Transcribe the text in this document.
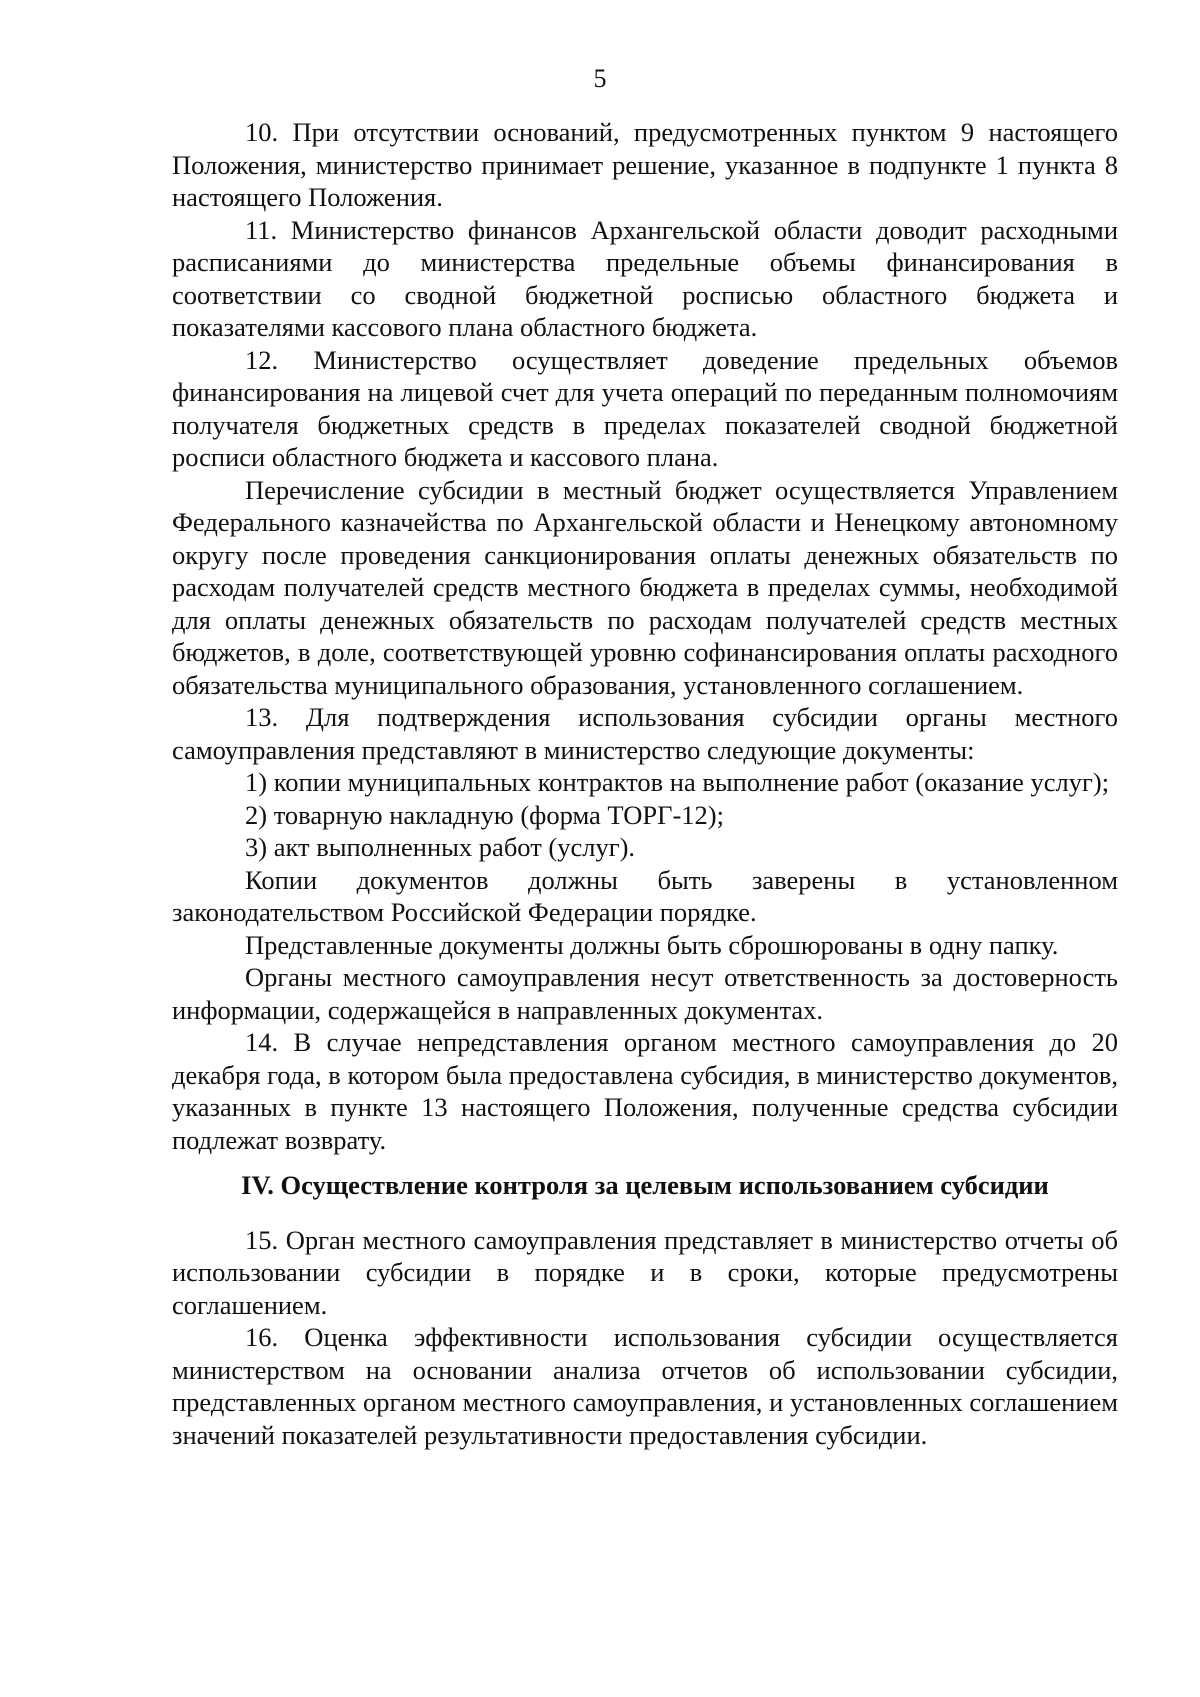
5

10. При отсутствии оснований, предусмотренных пунктом 9 настоящего Положения, министерство принимает решение, указанное в подпункте 1 пункта 8 настоящего Положения.

11. Министерство финансов Архангельской области доводит расходными расписаниями до министерства предельные объемы финансирования в соответствии со сводной бюджетной росписью областного бюджета и показателями кассового плана областного бюджета.

12. Министерство осуществляет доведение предельных объемов финансирования на лицевой счет для учета операций по переданным полномочиям получателя бюджетных средств в пределах показателей сводной бюджетной росписи областного бюджета и кассового плана.

Перечисление субсидии в местный бюджет осуществляется Управлением Федерального казначейства по Архангельской области и Ненецкому автономному округу после проведения санкционирования оплаты денежных обязательств по расходам получателей средств местного бюджета в пределах суммы, необходимой для оплаты денежных обязательств по расходам получателей средств местных бюджетов, в доле, соответствующей уровню софинансирования оплаты расходного обязательства муниципального образования, установленного соглашением.

13. Для подтверждения использования субсидии органы местного самоуправления представляют в министерство следующие документы:

1) копии муниципальных контрактов на выполнение работ (оказание услуг);

2) товарную накладную (форма ТОРГ-12);

3) акт выполненных работ (услуг).

Копии документов должны быть заверены в установленном законодательством Российской Федерации порядке.

Представленные документы должны быть сброшюрованы в одну папку.

Органы местного самоуправления несут ответственность за достоверность информации, содержащейся в направленных документах.

14. В случае непредставления органом местного самоуправления до 20 декабря года, в котором была предоставлена субсидия, в министерство документов, указанных в пункте 13 настоящего Положения, полученные средства субсидии подлежат возврату.

IV. Осуществление контроля за целевым использованием субсидии

15. Орган местного самоуправления представляет в министерство отчеты об использовании субсидии в порядке и в сроки, которые предусмотрены соглашением.

16. Оценка эффективности использования субсидии осуществляется министерством на основании анализа отчетов об использовании субсидии, представленных органом местного самоуправления, и установленных соглашением значений показателей результативности предоставления субсидии.
